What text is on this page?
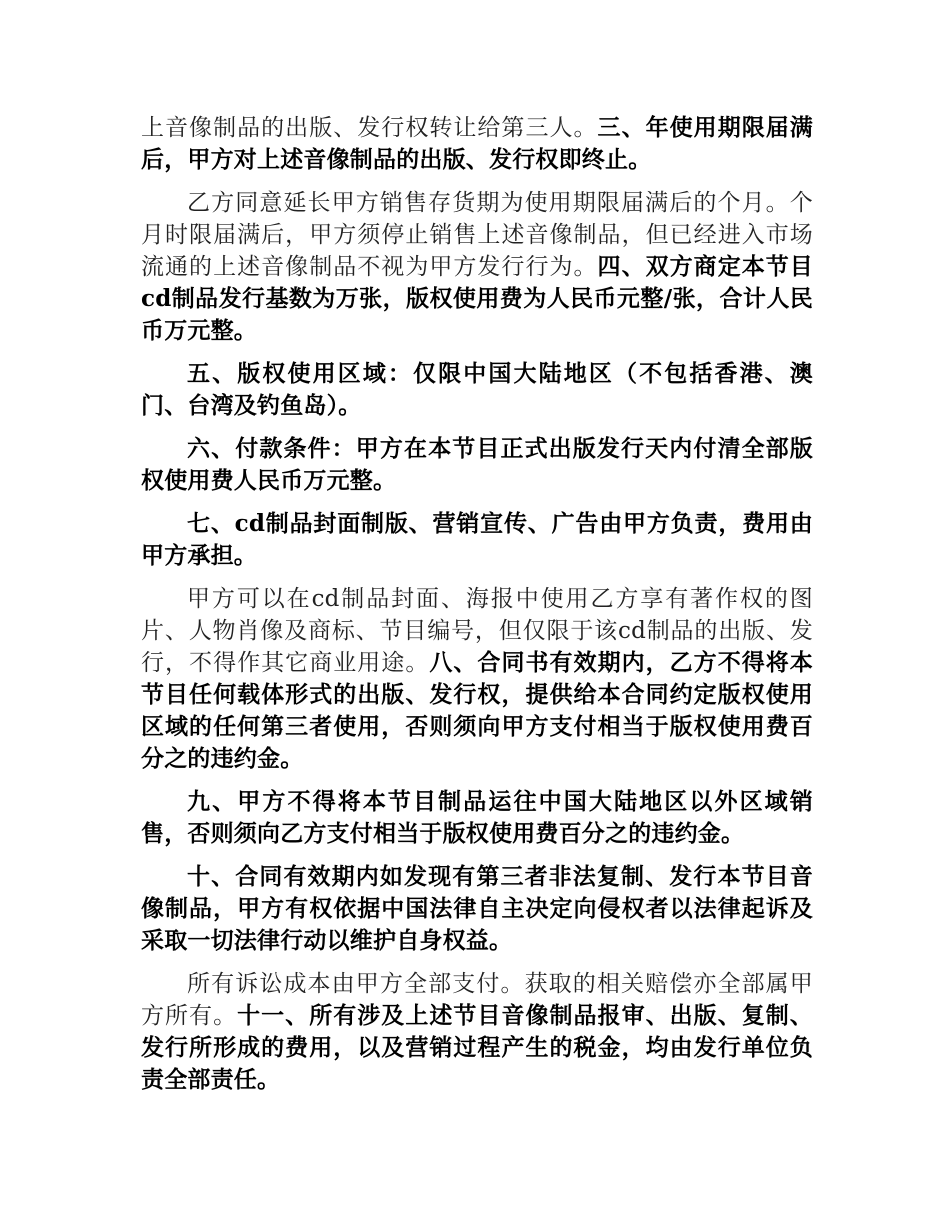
上音像制品的出版、发行权转让给第三人。三、年使用期限届满后，甲方对上述音像制品的出版、发行权即终止。

乙方同意延长甲方销售存货期为使用期限届满后的个月。个月时限届满后，甲方须停止销售上述音像制品，但已经进入市场流通的上述音像制品不视为甲方发行行为。四、双方商定本节目cd制品发行基数为万张，版权使用费为人民币元整/张，合计人民币万元整。

五、版权使用区域：仅限中国大陆地区（不包括香港、澳门、台湾及钓鱼岛）。

六、付款条件：甲方在本节目正式出版发行天内付清全部版权使用费人民币万元整。

七、cd制品封面制版、营销宣传、广告由甲方负责，费用由甲方承担。

甲方可以在cd制品封面、海报中使用乙方享有著作权的图片、人物肖像及商标、节目编号，但仅限于该cd制品的出版、发行，不得作其它商业用途。八、合同书有效期内，乙方不得将本节目任何载体形式的出版、发行权，提供给本合同约定版权使用区域的任何第三者使用，否则须向甲方支付相当于版权使用费百分之的违约金。

九、甲方不得将本节目制品运往中国大陆地区以外区域销售，否则须向乙方支付相当于版权使用费百分之的违约金。

十、合同有效期内如发现有第三者非法复制、发行本节目音像制品，甲方有权依据中国法律自主决定向侵权者以法律起诉及采取一切法律行动以维护自身权益。

所有诉讼成本由甲方全部支付。获取的相关赔偿亦全部属甲方所有。十一、所有涉及上述节目音像制品报审、出版、复制、发行所形成的费用，以及营销过程产生的税金，均由发行单位负责全部责任。
